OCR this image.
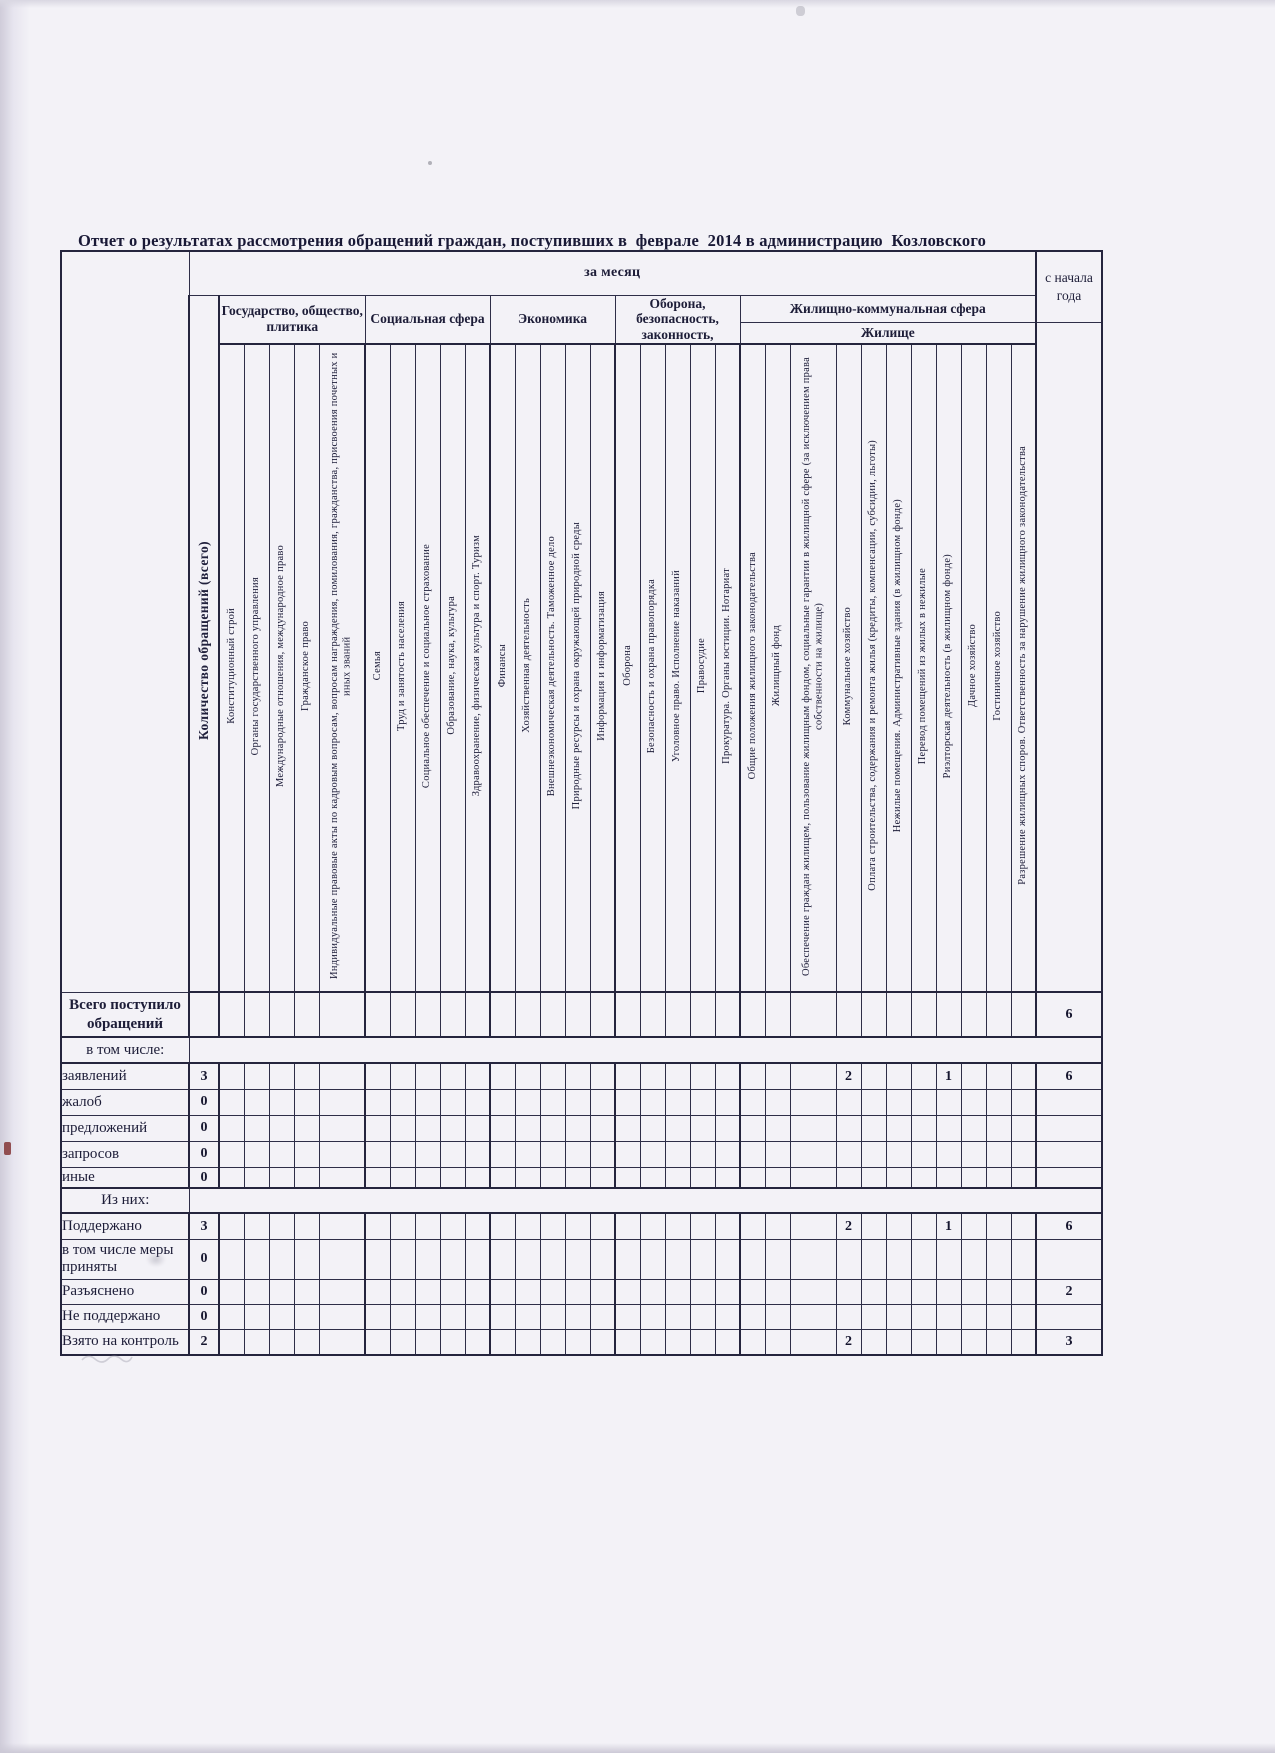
Отчет о результатах рассмотрения обращений граждан, поступивших в  феврале  2014 в администрацию  Козловского
	за месяц																																с начала года
	Количество обращений (всего)	Государство, общество, плитика					Социальная сфера					Экономика					Оборона, безопасность, законность,					Жилищно-коммунальная сфера											
																						Жилище											
		Конституционный строй	Органы государственного управления	Международные отношения, международное право	Гражданское право	Индивидуальные правовые акты по кадровым вопросам, вопросам награждения, помилования, гражданства, присвоения почетных и иных званий	Семья	Труд и занятость населения	Социальное обеспечение и социальное страхование	Образование, наука, культура	Здравоохранение, физическая культура и спорт. Туризм	Финансы	Хозяйственная деятельность	Внешнеэкономическая деятельность. Таможенное дело	Природные ресурсы и охрана окружающей природной среды	Информация и информатизация	Оборона	Безопасность и охрана правопорядка	Уголовное право. Исполнение наказаний	Правосудие	Прокуратура. Органы юстиции. Нотариат	Общие положения жилищного законодательства	Жилищный фонд	Обеспечение граждан жилищем, пользование жилищным фондом, социальные гарантии в жилищной сфере (за исключением права собственности на жилище)	Коммунальное хозяйство	Оплата строительства, содержания и ремонта жилья (кредиты, компенсации, субсидии, льготы)	Нежилые помещения. Административные здания (в жилищном фонде)	Перевод помещений из жилых в нежилые	Риэлторская деятельность (в жилищном фонде)	Дачное хозяйство	Гостиничное хозяйство	Разрешение жилищных споров. Ответственность за нарушение жилищного законодательства	
Всего поступило обращений																																	6
в том числе:																																	
заявлений	3																								2				1				6
жалоб	0																																
предложений	0																																
запросов	0																																
иные	0																																
Из них:																																	
Поддержано	3																								2				1				6
в том числе меры приняты	0																																
Разъяснено	0																																2
Не поддержано	0																																
Взято на контроль	2																								2								3
